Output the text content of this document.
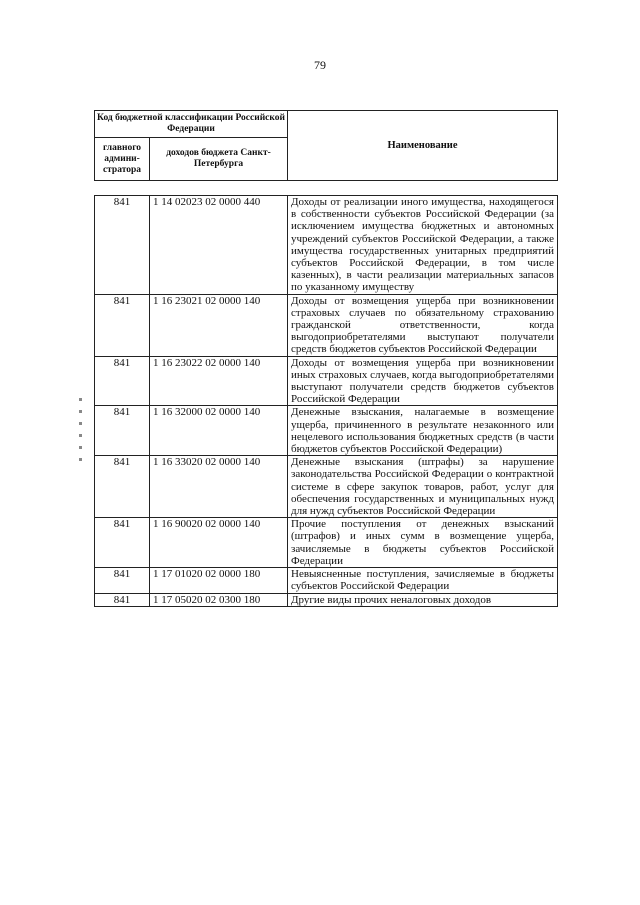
79
Код бюджетной классификации Российской Федерации		Наименование
главного админи-стратора	доходов бюджета Санкт-Петербурга	
841	1 14 02023 02 0000 440	Доходы от реализации иного имущества, находящегося в собственности субъектов Российской Федерации (за исключением имущества бюджетных и автономных учреждений субъектов Российской Федерации, а также имущества государственных унитарных предприятий субъектов Российской Федерации, в том числе казенных), в части реализации материальных запасов по указанному имуществу
841	1 16 23021 02 0000 140	Доходы от возмещения ущерба при возникновении страховых случаев по обязательному страхованию гражданской ответственности, когда выгодоприобретателями выступают получатели средств бюджетов субъектов Российской Федерации
841	1 16 23022 02 0000 140	Доходы от возмещения ущерба при возникновении иных страховых случаев, когда выгодоприобретателями выступают получатели средств бюджетов субъектов Российской Федерации
841	1 16 32000 02 0000 140	Денежные взыскания, налагаемые в возмещение ущерба, причиненного в результате незаконного или нецелевого использования бюджетных средств (в части бюджетов субъектов Российской Федерации)
841	1 16 33020 02 0000 140	Денежные взыскания (штрафы) за нарушение законодательства Российской Федерации о контрактной системе в сфере закупок товаров, работ, услуг для обеспечения государственных и муниципальных нужд для нужд субъектов Российской Федерации
841	1 16 90020 02 0000 140	Прочие поступления от денежных взысканий (штрафов) и иных сумм в возмещение ущерба, зачисляемые в бюджеты субъектов Российской Федерации
841	1 17 01020 02 0000 180	Невыясненные поступления, зачисляемые в бюджеты субъектов Российской Федерации
841	1 17 05020 02 0300 180	Другие виды прочих неналоговых доходов
